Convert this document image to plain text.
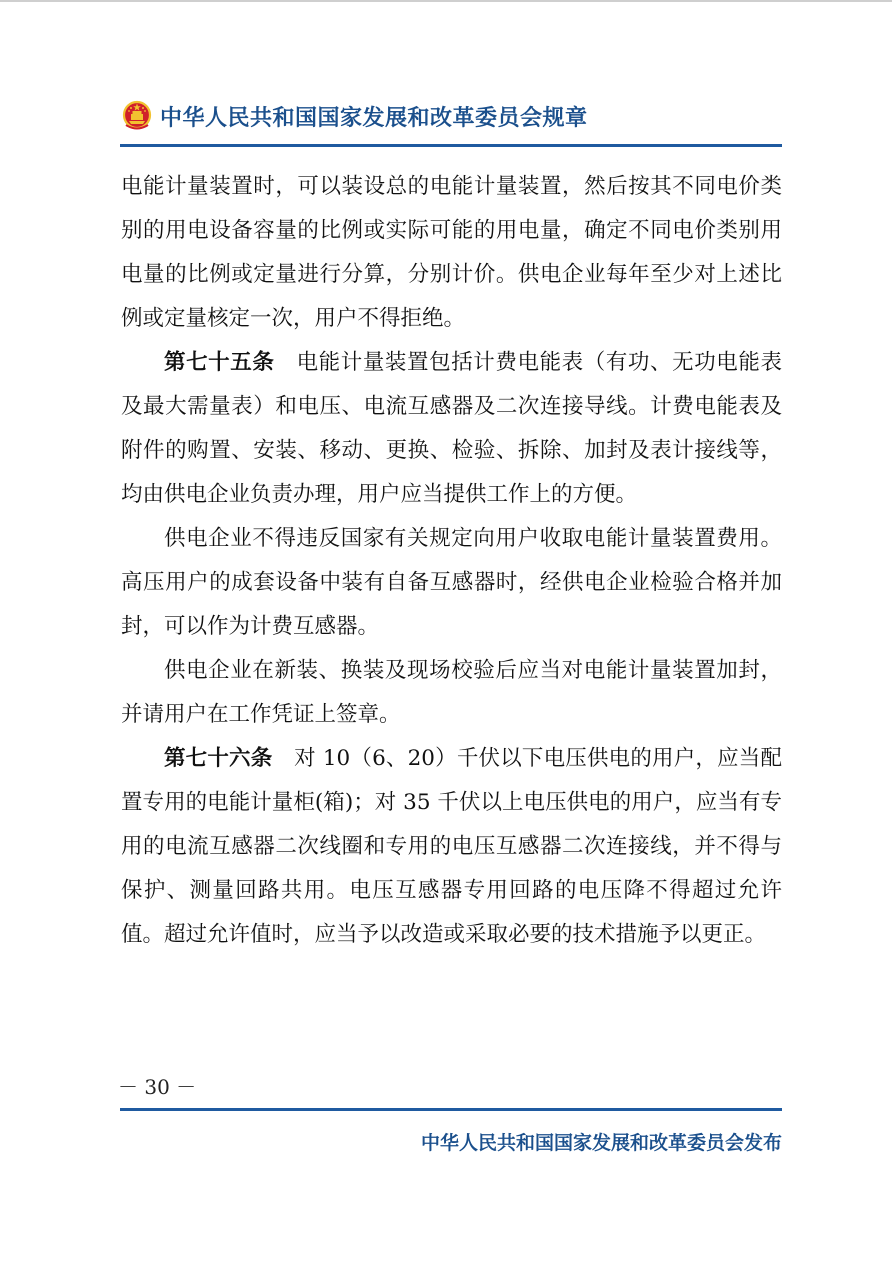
中华人民共和国国家发展和改革委员会规章

电能计量装置时，可以装设总的电能计量装置，然后按其不同电价类别的用电设备容量的比例或实际可能的用电量，确定不同电价类别用电量的比例或定量进行分算，分别计价。供电企业每年至少对上述比例或定量核定一次，用户不得拒绝。

第七十五条　 电能计量装置包括计费电能表（有功、无功电能表及最大需量表）和电压、电流互感器及二次连接导线。计费电能表及附件的购置、安装、移动、更换、检验、拆除、加封及表计接线等，均由供电企业负责办理，用户应当提供工作上的方便。

供电企业不得违反国家有关规定向用户收取电能计量装置费用。高压用户的成套设备中装有自备互感器时，经供电企业检验合格并加封，可以作为计费互感器。

供电企业在新装、换装及现场校验后应当对电能计量装置加封，并请用户在工作凭证上签章。

第七十六条　 对 10（6、20）千伏以下电压供电的用户，应当配置专用的电能计量柜(箱)；对 35 千伏以上电压供电的用户，应当有专用的电流互感器二次线圈和专用的电压互感器二次连接线，并不得与保护、测量回路共用。电压互感器专用回路的电压降不得超过允许值。超过允许值时，应当予以改造或采取必要的技术措施予以更正。

－ 30 －
中华人民共和国国家发展和改革委员会发布
